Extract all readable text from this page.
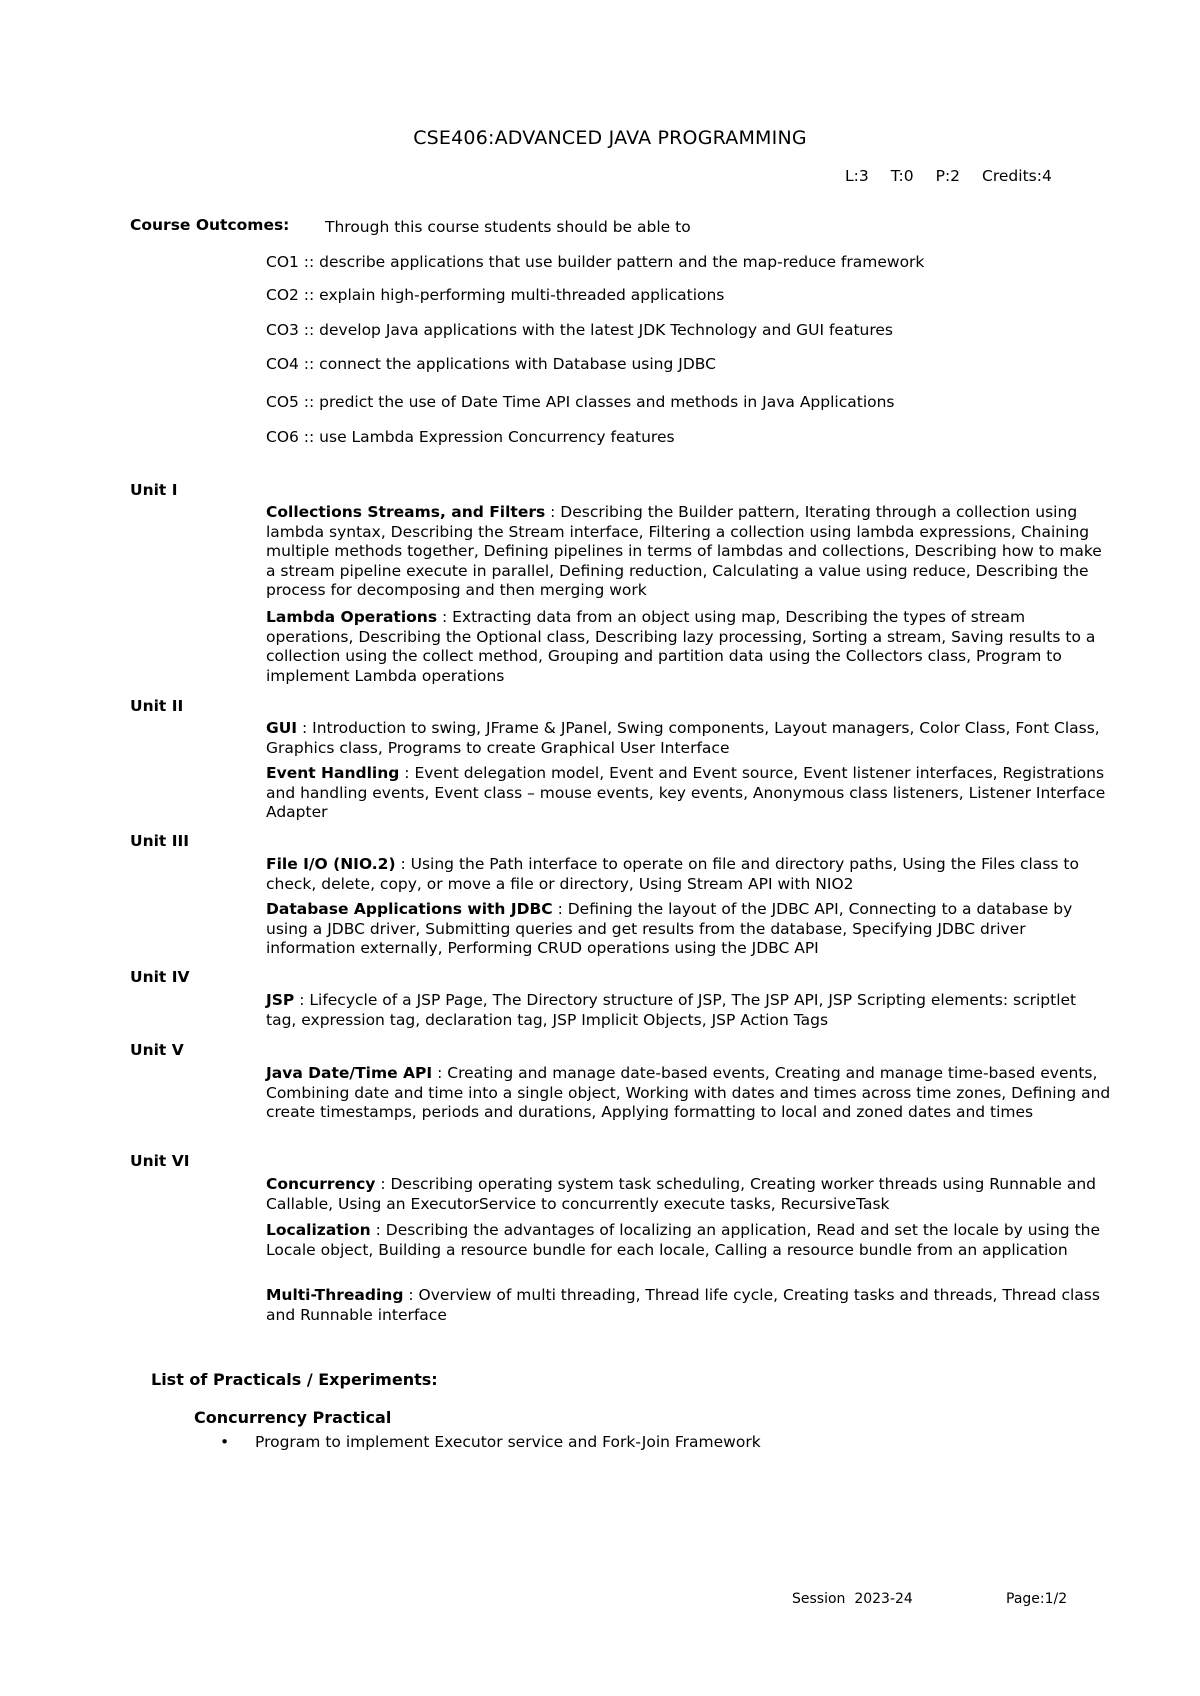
CSE406:ADVANCED JAVA PROGRAMMING
L:3 T:0 P:2 Credits:4
Course Outcomes: Through this course students should be able to
CO1 :: describe applications that use builder pattern and the map-reduce framework
CO2 :: explain high-performing multi-threaded applications
CO3 :: develop Java applications with the latest JDK Technology and GUI features
CO4 :: connect the applications with Database using JDBC
CO5 :: predict the use of Date Time API classes and methods in Java Applications
CO6 :: use Lambda Expression Concurrency features
Unit I
Collections Streams, and Filters : Describing the Builder pattern, Iterating through a collection using lambda syntax, Describing the Stream interface, Filtering a collection using lambda expressions, Chaining multiple methods together, Defining pipelines in terms of lambdas and collections, Describing how to make a stream pipeline execute in parallel, Defining reduction, Calculating a value using reduce, Describing the process for decomposing and then merging work
Lambda Operations : Extracting data from an object using map, Describing the types of stream operations, Describing the Optional class, Describing lazy processing, Sorting a stream, Saving results to a collection using the collect method, Grouping and partition data using the Collectors class, Program to implement Lambda operations
Unit II
GUI : Introduction to swing, JFrame & JPanel, Swing components, Layout managers, Color Class, Font Class, Graphics class, Programs to create Graphical User Interface
Event Handling : Event delegation model, Event and Event source, Event listener interfaces, Registrations and handling events, Event class – mouse events, key events, Anonymous class listeners, Listener Interface Adapter
Unit III
File I/O (NIO.2) : Using the Path interface to operate on file and directory paths, Using the Files class to check, delete, copy, or move a file or directory, Using Stream API with NIO2
Database Applications with JDBC : Defining the layout of the JDBC API, Connecting to a database by using a JDBC driver, Submitting queries and get results from the database, Specifying JDBC driver information externally, Performing CRUD operations using the JDBC API
Unit IV
JSP : Lifecycle of a JSP Page, The Directory structure of JSP, The JSP API, JSP Scripting elements: scriptlet tag, expression tag, declaration tag, JSP Implicit Objects, JSP Action Tags
Unit V
Java Date/Time API : Creating and manage date-based events, Creating and manage time-based events, Combining date and time into a single object, Working with dates and times across time zones, Defining and create timestamps, periods and durations, Applying formatting to local and zoned dates and times
Unit VI
Concurrency : Describing operating system task scheduling, Creating worker threads using Runnable and Callable, Using an ExecutorService to concurrently execute tasks, RecursiveTask
Localization : Describing the advantages of localizing an application, Read and set the locale by using the Locale object, Building a resource bundle for each locale, Calling a resource bundle from an application
Multi-Threading : Overview of multi threading, Thread life cycle, Creating tasks and threads, Thread class and Runnable interface
List of Practicals / Experiments:
Concurrency Practical
• Program to implement Executor service and Fork-Join Framework
Session  2023-24	Page:1/2
